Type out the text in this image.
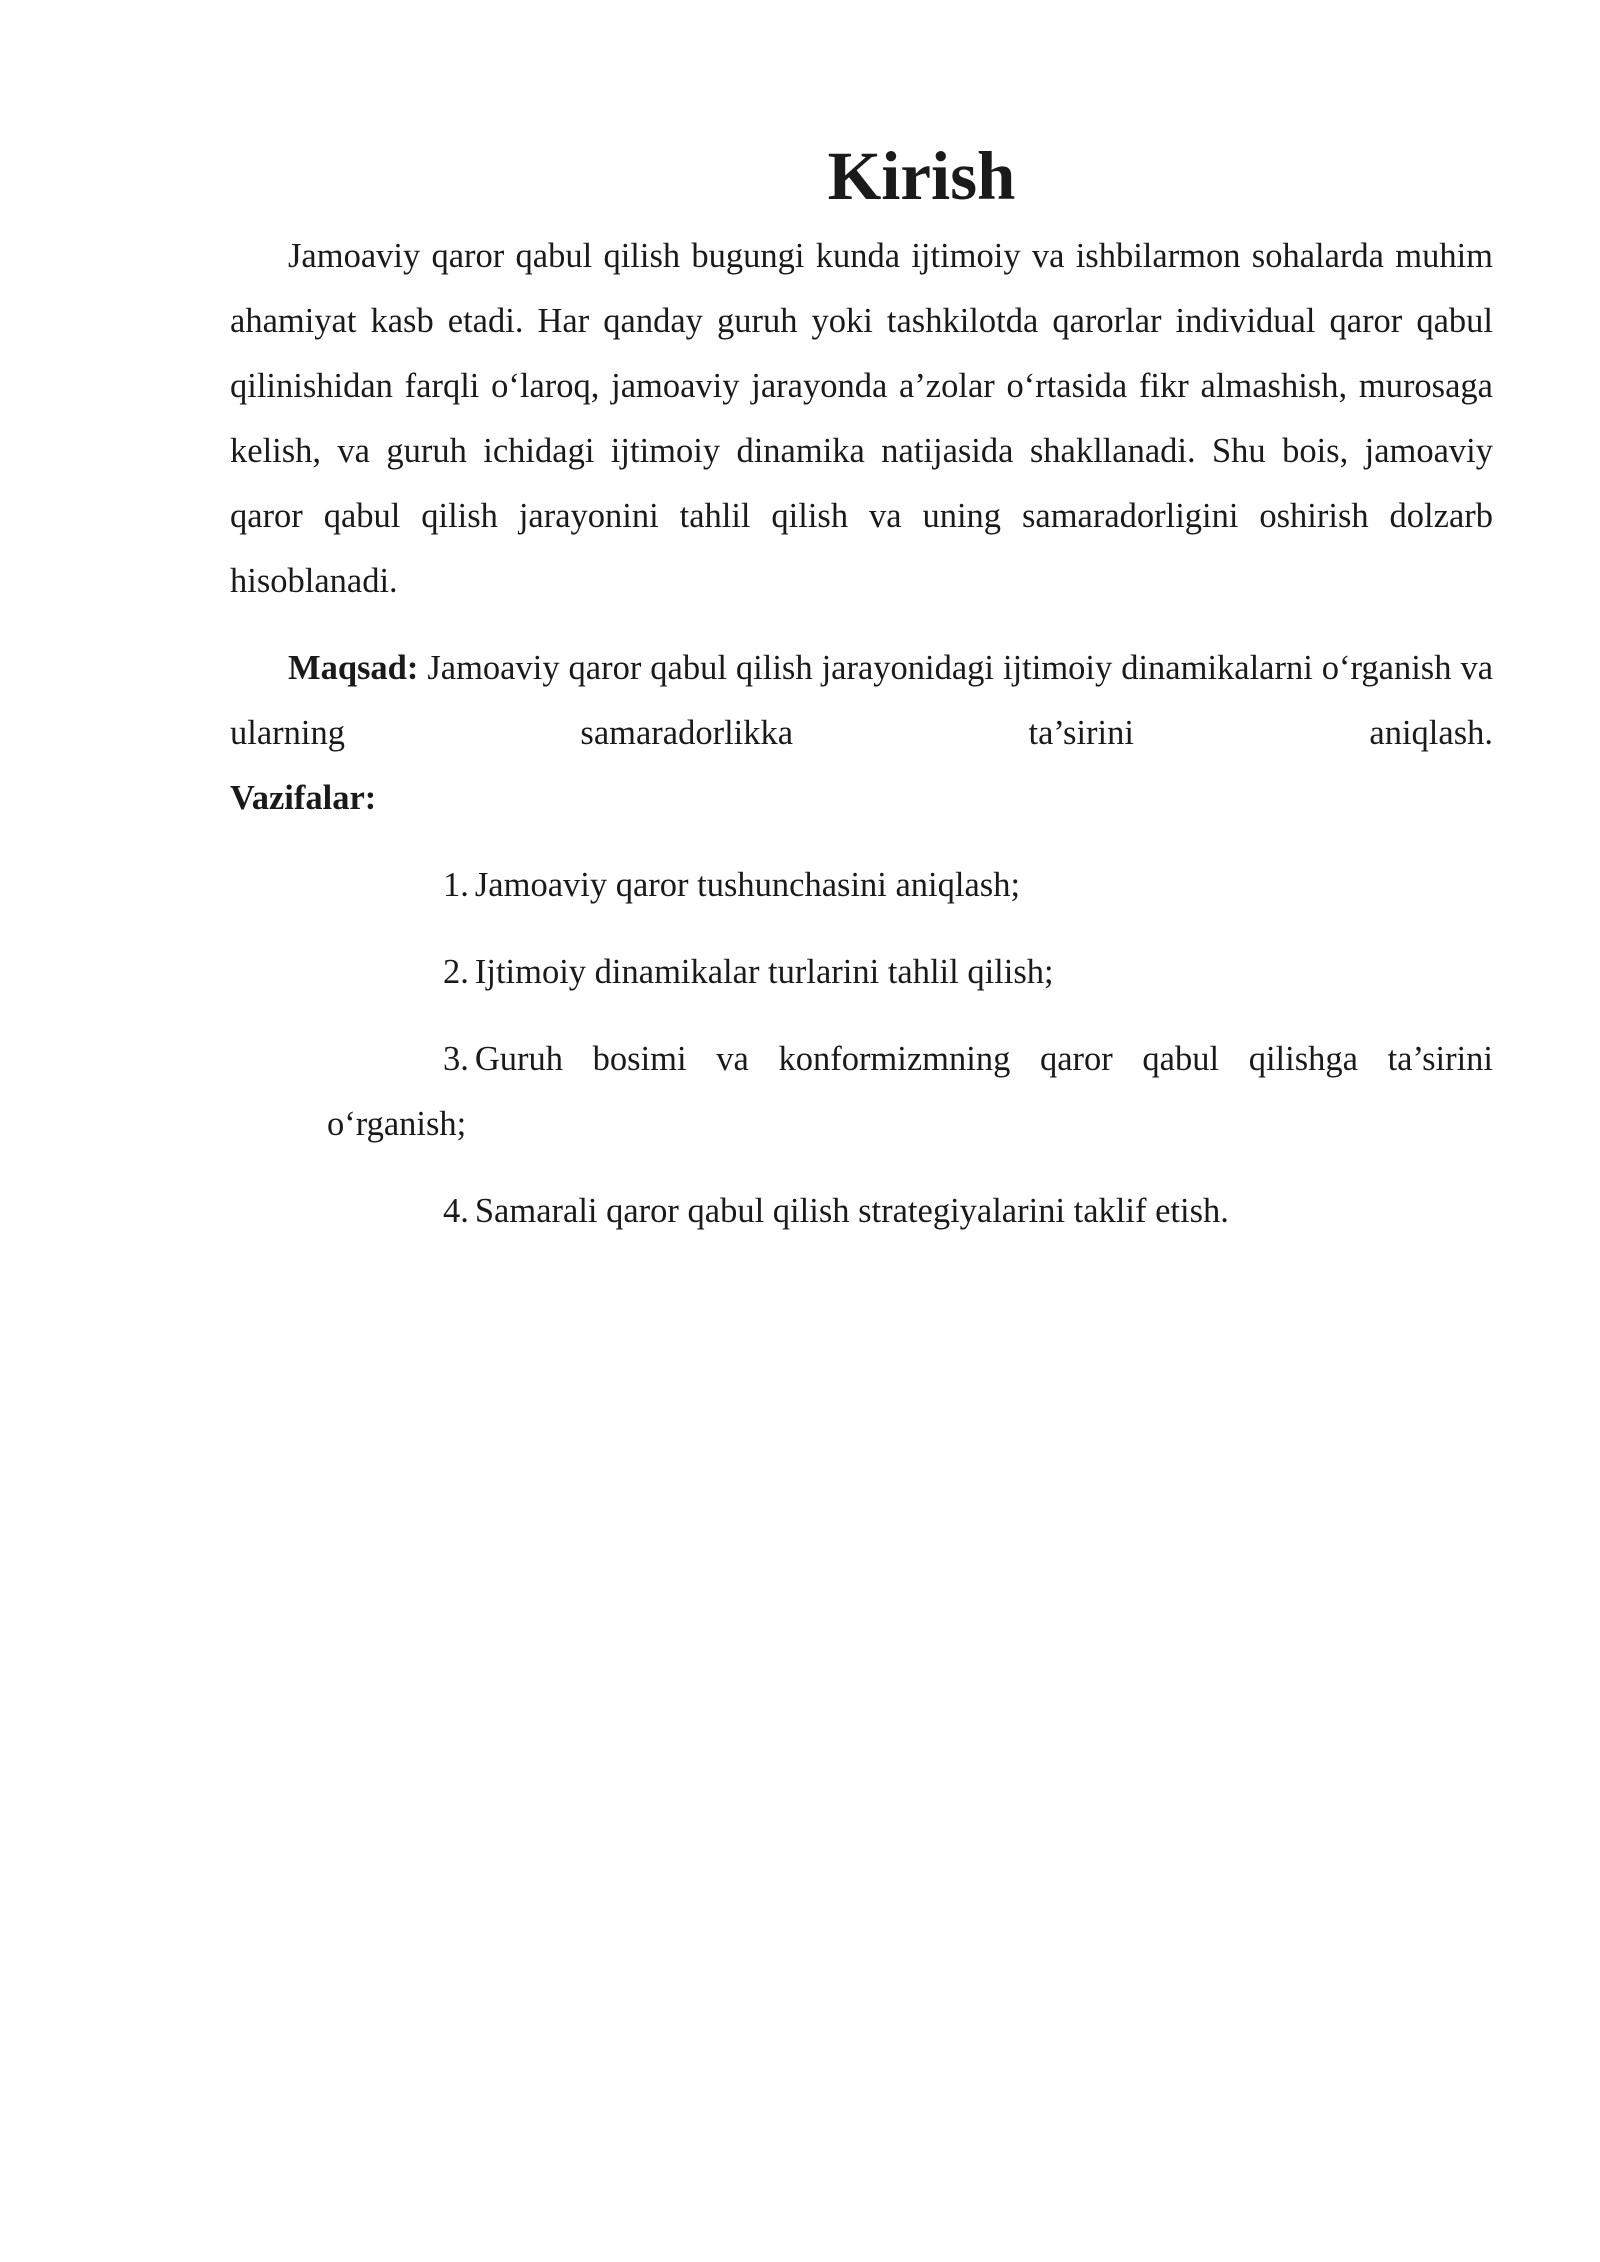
Kirish

Jamoaviy qaror qabul qilish bugungi kunda ijtimoiy va ishbilarmon sohalarda muhim ahamiyat kasb etadi. Har qanday guruh yoki tashkilotda qarorlar individual qaror qabul qilinishidan farqli o‘laroq, jamoaviy jarayonda a’zolar o‘rtasida fikr almashish, murosaga kelish, va guruh ichidagi ijtimoiy dinamika natijasida shakllanadi. Shu bois, jamoaviy qaror qabul qilish jarayonini tahlil qilish va uning samaradorligini oshirish dolzarb hisoblanadi.

Maqsad: Jamoaviy qaror qabul qilish jarayonidagi ijtimoiy dinamikalarni o‘rganish va ularning samaradorlikka ta’sirini aniqlash.

Vazifalar:

1. Jamoaviy qaror tushunchasini aniqlash;
2. Ijtimoiy dinamikalar turlarini tahlil qilish;
3. Guruh bosimi va konformizmning qaror qabul qilishga ta’sirini o‘rganish;
4. Samarali qaror qabul qilish strategiyalarini taklif etish.
